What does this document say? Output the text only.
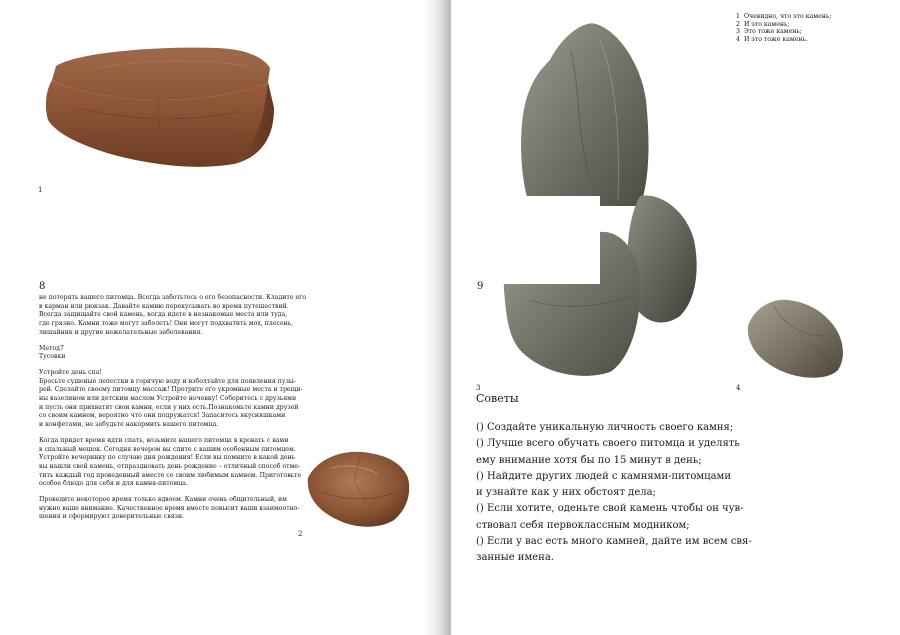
1
8

не потерять вашего питомца. Всегда заботьтесь о его безопасности. Кладите его
в карман или рюкзак. Давайте камню перекусывать во время путешествий.
Всегда защищайте свой камень, когда идете в незнакомые места или туда,
где грязно. Камни тоже могут заболеть! Они могут подхватить мох, плесень,
лишайник и другие нежелательные заболевания.

Метод7
Тусовки

Устройте день спа!
Бросьте сушеные лепестки в горячую воду и взболтайте для появления пузы-
рей. Сделайте своему питомцу массаж! Протрите его укромные места и трещи-
ны вазелином или детским маслом Устройте ночевку! Соберитесь с друзьями
и пусть они прихватят свои камни, если у них есть.Познакомьте камни друзей
со своим камнем, вероятно что они подружатся! Запаситесь вкусняшками
и конфетами, не забудьте накормить вашего питомца.

Когда придет время идти спать, возьмите вашего питомца в кровать с вами
в спальный мешок. Сегодня вечером вы спите с вашим особенным питомцем.
Устройте вечеринку по случаю дня рождения! Если вы помните в какой день
вы нашли свой камень, отпраздновать день рождение – отличный способ отме-
тить каждый год проведенный вместе со своим любимым камнем. Приготовьте
особое блюдо для себя и для камня-питомца.

Проведите некоторое время только вдвоем. Камни очень общительный, им
нужно ваше внимание. Качественное время вместе повысит ваши взаимоотно-
шения и сформируют доверительные связи.

2
9
3	4
1 Очевидно, что это камень;
2 И это камень;
3 Это тоже камень;
4 И это тоже камень.
Советы
() Создайте уникальную личность своего камня;
() Лучше всего обучать своего питомца и уделять
ему внимание хотя бы по 15 минут в день;
() Найдите других людей с камнями-питомцами
и узнайте как у них обстоят дела;
() Если хотите, оденьте свой камень чтобы он чув-
ствовал себя первоклассным модником;
() Если у вас есть много камней, дайте им всем свя-
занные имена.
